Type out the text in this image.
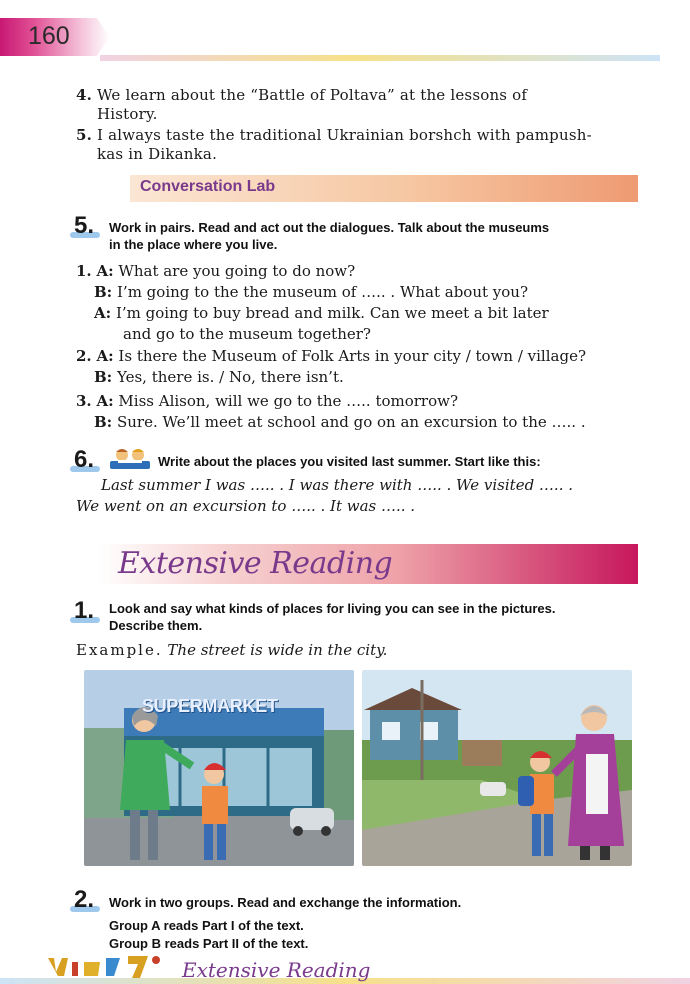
160
4. We learn about the “Battle of Poltava” at the lessons of
History.
5. I always taste the traditional Ukrainian borshch with pampush-
kas in Dikanka.
Conversation Lab
5. Work in pairs. Read and act out the dialogues. Talk about the museums
in the place where you live.
1. A: What are you going to do now?
B: I’m going to the the museum of ….. . What about you?
A: I’m going to buy bread and milk. Can we meet a bit later
and go to the museum together?
2. A: Is there the Museum of Folk Arts in your city / town / village?
B: Yes, there is. / No, there isn’t.
3. A: Miss Alison, will we go to the ….. tomorrow?
B: Sure. We’ll meet at school and go on an excursion to the ….. .
6.	Write about the places you visited last summer. Start like this:
Last summer I was ….. . I was there with ….. . We visited ….. .
We went on an excursion to ….. . It was ….. .
Extensive Reading
1. Look and say what kinds of places for living you can see in the pictures.
Describe them.
Example. The street is wide in the city.
SUPERMARKET
2. Work in two groups. Read and exchange the information.
Group A reads Part I of the text.
Group B reads Part II of the text.
Extensive Reading
